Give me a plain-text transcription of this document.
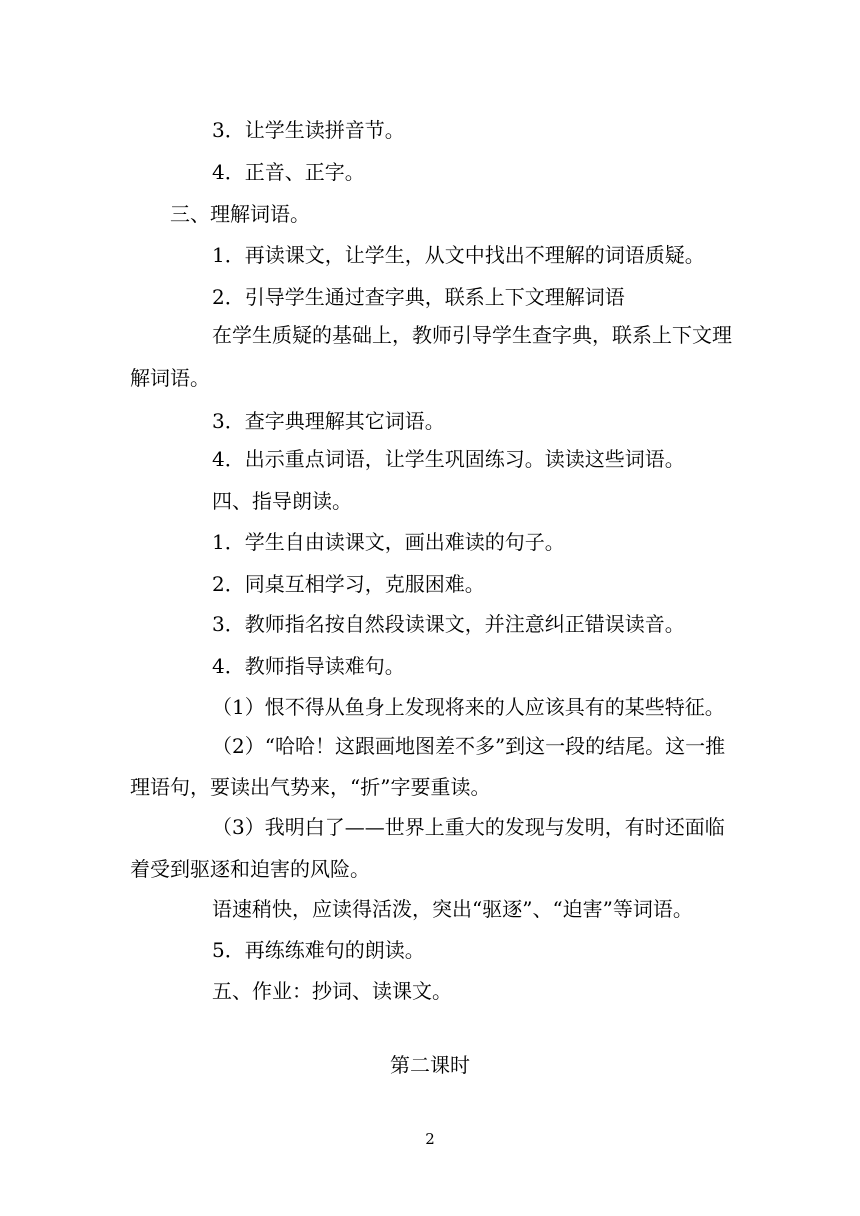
3．让学生读拼音节。
4．正音、正字。
三、理解词语。
1．再读课文，让学生，从文中找出不理解的词语质疑。
2．引导学生通过查字典，联系上下文理解词语
在学生质疑的基础上，教师引导学生查字典，联系上下文理
解词语。
3．查字典理解其它词语。
4．出示重点词语，让学生巩固练习。读读这些词语。
四、指导朗读。
1．学生自由读课文，画出难读的句子。
2．同桌互相学习，克服困难。
3．教师指名按自然段读课文，并注意纠正错误读音。
4．教师指导读难句。
（1）恨不得从鱼身上发现将来的人应该具有的某些特征。
（2）“哈哈！这跟画地图差不多”到这一段的结尾。这一推
理语句，要读出气势来，“折”字要重读。
（3）我明白了——世界上重大的发现与发明，有时还面临
着受到驱逐和迫害的风险。
语速稍快，应读得活泼，突出“驱逐”、“迫害”等词语。
5．再练练难句的朗读。
五、作业：抄词、读课文。
第二课时
2
